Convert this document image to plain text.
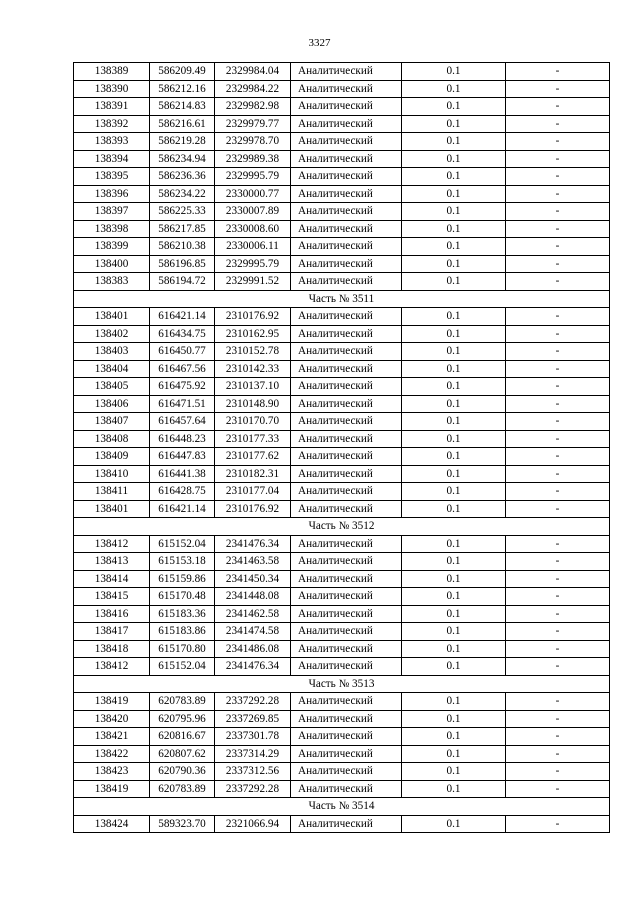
3327
138389	586209.49	2329984.04	Аналитический	0.1	-
138390	586212.16	2329984.22	Аналитический	0.1	-
138391	586214.83	2329982.98	Аналитический	0.1	-
138392	586216.61	2329979.77	Аналитический	0.1	-
138393	586219.28	2329978.70	Аналитический	0.1	-
138394	586234.94	2329989.38	Аналитический	0.1	-
138395	586236.36	2329995.79	Аналитический	0.1	-
138396	586234.22	2330000.77	Аналитический	0.1	-
138397	586225.33	2330007.89	Аналитический	0.1	-
138398	586217.85	2330008.60	Аналитический	0.1	-
138399	586210.38	2330006.11	Аналитический	0.1	-
138400	586196.85	2329995.79	Аналитический	0.1	-
138383	586194.72	2329991.52	Аналитический	0.1	-
Часть № 3511					
138401	616421.14	2310176.92	Аналитический	0.1	-
138402	616434.75	2310162.95	Аналитический	0.1	-
138403	616450.77	2310152.78	Аналитический	0.1	-
138404	616467.56	2310142.33	Аналитический	0.1	-
138405	616475.92	2310137.10	Аналитический	0.1	-
138406	616471.51	2310148.90	Аналитический	0.1	-
138407	616457.64	2310170.70	Аналитический	0.1	-
138408	616448.23	2310177.33	Аналитический	0.1	-
138409	616447.83	2310177.62	Аналитический	0.1	-
138410	616441.38	2310182.31	Аналитический	0.1	-
138411	616428.75	2310177.04	Аналитический	0.1	-
138401	616421.14	2310176.92	Аналитический	0.1	-
Часть № 3512					
138412	615152.04	2341476.34	Аналитический	0.1	-
138413	615153.18	2341463.58	Аналитический	0.1	-
138414	615159.86	2341450.34	Аналитический	0.1	-
138415	615170.48	2341448.08	Аналитический	0.1	-
138416	615183.36	2341462.58	Аналитический	0.1	-
138417	615183.86	2341474.58	Аналитический	0.1	-
138418	615170.80	2341486.08	Аналитический	0.1	-
138412	615152.04	2341476.34	Аналитический	0.1	-
Часть № 3513					
138419	620783.89	2337292.28	Аналитический	0.1	-
138420	620795.96	2337269.85	Аналитический	0.1	-
138421	620816.67	2337301.78	Аналитический	0.1	-
138422	620807.62	2337314.29	Аналитический	0.1	-
138423	620790.36	2337312.56	Аналитический	0.1	-
138419	620783.89	2337292.28	Аналитический	0.1	-
Часть № 3514					
138424	589323.70	2321066.94	Аналитический	0.1	-
